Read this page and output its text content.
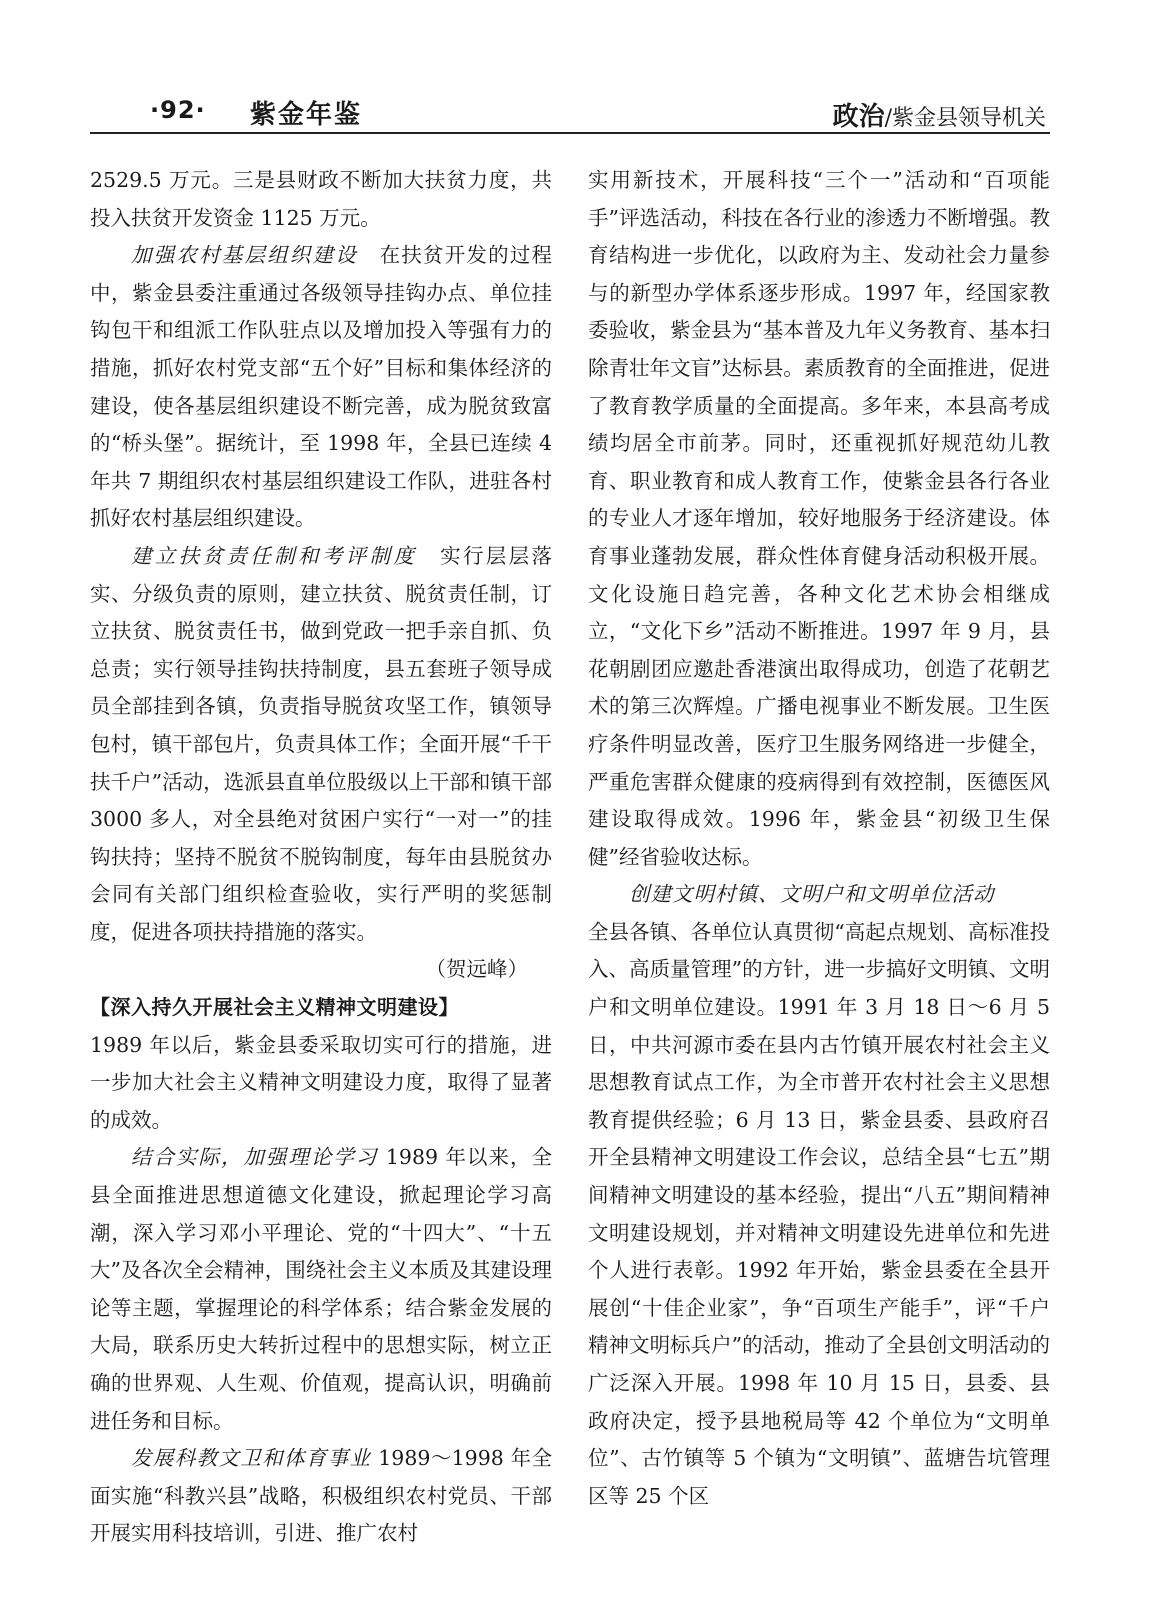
·92· 紫金年鉴	政治/紫金县领导机关

2529.5 万元。三是县财政不断加大扶贫力度，共投入扶贫开发资金 1125 万元。

加强农村基层组织建设　 在扶贫开发的过程中，紫金县委注重通过各级领导挂钩办点、单位挂钩包干和组派工作队驻点以及增加投入等强有力的措施，抓好农村党支部“五个好”目标和集体经济的建设，使各基层组织建设不断完善，成为脱贫致富的“桥头堡”。据统计，至 1998 年，全县已连续 4 年共 7 期组织农村基层组织建设工作队，进驻各村抓好农村基层组织建设。

建立扶贫责任制和考评制度　 实行层层落实、分级负责的原则，建立扶贫、脱贫责任制，订立扶贫、脱贫责任书，做到党政一把手亲自抓、负总责；实行领导挂钩扶持制度，县五套班子领导成员全部挂到各镇，负责指导脱贫攻坚工作，镇领导包村，镇干部包片，负责具体工作；全面开展“千干扶千户”活动，选派县直单位股级以上干部和镇干部 3000 多人，对全县绝对贫困户实行“一对一”的挂钩扶持；坚持不脱贫不脱钩制度，每年由县脱贫办会同有关部门组织检查验收，实行严明的奖惩制度，促进各项扶持措施的落实。

（贺远峰）

【深入持久开展社会主义精神文明建设】

1989 年以后，紫金县委采取切实可行的措施，进一步加大社会主义精神文明建设力度，取得了显著的成效。

结合实际，加强理论学习 1989 年以来，全县全面推进思想道德文化建设，掀起理论学习高潮，深入学习邓小平理论、党的“十四大”、“十五大”及各次全会精神，围绕社会主义本质及其建设理论等主题，掌握理论的科学体系；结合紫金发展的大局，联系历史大转折过程中的思想实际，树立正确的世界观、人生观、价值观，提高认识，明确前进任务和目标。

发展科教文卫和体育事业 1989～1998 年全面实施“科教兴县”战略，积极组织农村党员、干部开展实用科技培训，引进、推广农村

实用新技术，开展科技“三个一”活动和“百项能手”评选活动，科技在各行业的渗透力不断增强。教育结构进一步优化，以政府为主、发动社会力量参与的新型办学体系逐步形成。1997 年，经国家教委验收，紫金县为“基本普及九年义务教育、基本扫除青壮年文盲”达标县。素质教育的全面推进，促进了教育教学质量的全面提高。多年来，本县高考成绩均居全市前茅。同时，还重视抓好规范幼儿教育、职业教育和成人教育工作，使紫金县各行各业的专业人才逐年增加，较好地服务于经济建设。体育事业蓬勃发展，群众性体育健身活动积极开展。文化设施日趋完善，各种文化艺术协会相继成立，“文化下乡”活动不断推进。1997 年 9 月，县花朝剧团应邀赴香港演出取得成功，创造了花朝艺术的第三次辉煌。广播电视事业不断发展。卫生医疗条件明显改善，医疗卫生服务网络进一步健全，严重危害群众健康的疫病得到有效控制，医德医风建设取得成效。1996 年，紫金县“初级卫生保健”经省验收达标。

创建文明村镇、文明户和文明单位活动
全县各镇、各单位认真贯彻“高起点规划、高标准投入、高质量管理”的方针，进一步搞好文明镇、文明户和文明单位建设。1991 年 3 月 18 日～6 月 5 日，中共河源市委在县内古竹镇开展农村社会主义思想教育试点工作，为全市普开农村社会主义思想教育提供经验；6 月 13 日，紫金县委、县政府召开全县精神文明建设工作会议，总结全县“七五”期间精神文明建设的基本经验，提出“八五”期间精神文明建设规划，并对精神文明建设先进单位和先进个人进行表彰。1992 年开始，紫金县委在全县开展创“十佳企业家”，争“百项生产能手”，评“千户精神文明标兵户”的活动，推动了全县创文明活动的广泛深入开展。1998 年 10 月 15 日，县委、县政府决定，授予县地税局等 42 个单位为“文明单位”、古竹镇等 5 个镇为“文明镇”、蓝塘告坑管理区等 25 个区
